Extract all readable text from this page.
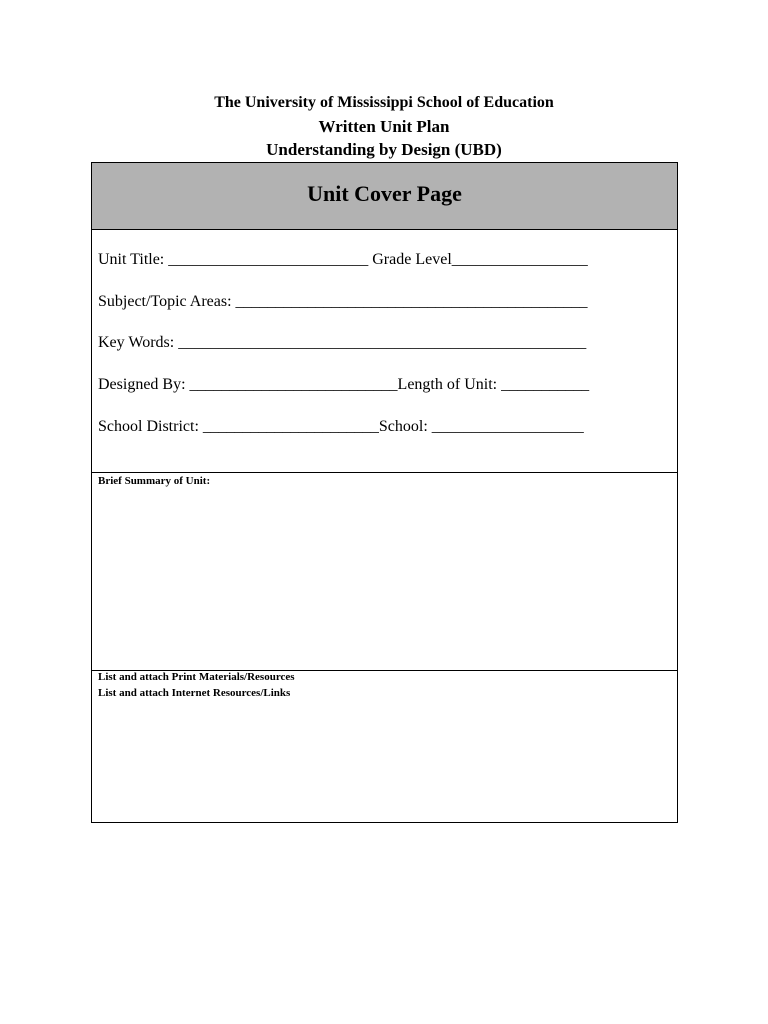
The University of Mississippi School of Education
Written Unit Plan
Understanding by Design (UBD)
Unit Cover Page
Unit Title: _________________________ Grade Level_________________
Subject/Topic Areas: ____________________________________________
Key Words: ___________________________________________________
Designed By: __________________________Length of Unit: ___________
School District: ______________________School: ___________________
Brief Summary of Unit:
List and attach Print Materials/Resources
List and attach Internet Resources/Links
